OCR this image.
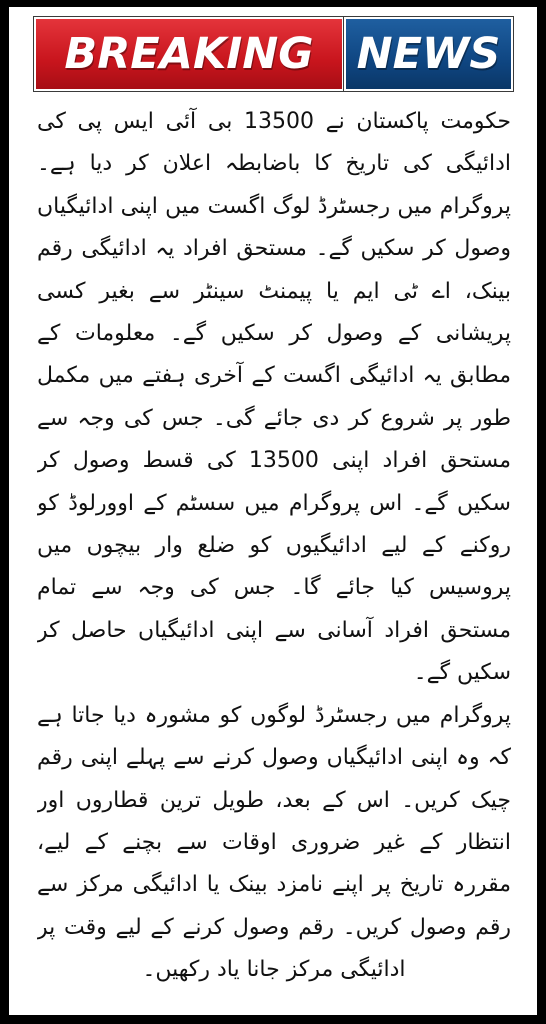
BREAKING NEWS

حکومت پاکستان نے 13500 بی آئی ایس پی کی ادائیگی کی تاریخ کا باضابطہ اعلان کر دیا ہے۔ پروگرام میں رجسٹرڈ لوگ اگست میں اپنی ادائیگیاں وصول کر سکیں گے۔ مستحق افراد یہ ادائیگی رقم بینک، اے ٹی ایم یا پیمنٹ سینٹر سے بغیر کسی پریشانی کے وصول کر سکیں گے۔ معلومات کے مطابق یہ ادائیگی اگست کے آخری ہفتے میں مکمل طور پر شروع کر دی جائے گی۔ جس کی وجہ سے مستحق افراد اپنی 13500 کی قسط وصول کر سکیں گے۔ اس پروگرام میں سسٹم کے اوورلوڈ کو روکنے کے لیے ادائیگیوں کو ضلع وار بیچوں میں پروسیس کیا جائے گا۔ جس کی وجہ سے تمام مستحق افراد آسانی سے اپنی ادائیگیاں حاصل کر سکیں گے۔

پروگرام میں رجسٹرڈ لوگوں کو مشورہ دیا جاتا ہے کہ وہ اپنی ادائیگیاں وصول کرنے سے پہلے اپنی رقم چیک کریں۔ اس کے بعد، طویل ترین قطاروں اور انتظار کے غیر ضروری اوقات سے بچنے کے لیے، مقررہ تاریخ پر اپنے نامزد بینک یا ادائیگی مرکز سے رقم وصول کریں۔ رقم وصول کرنے کے لیے وقت پر ادائیگی مرکز جانا یاد رکھیں۔
